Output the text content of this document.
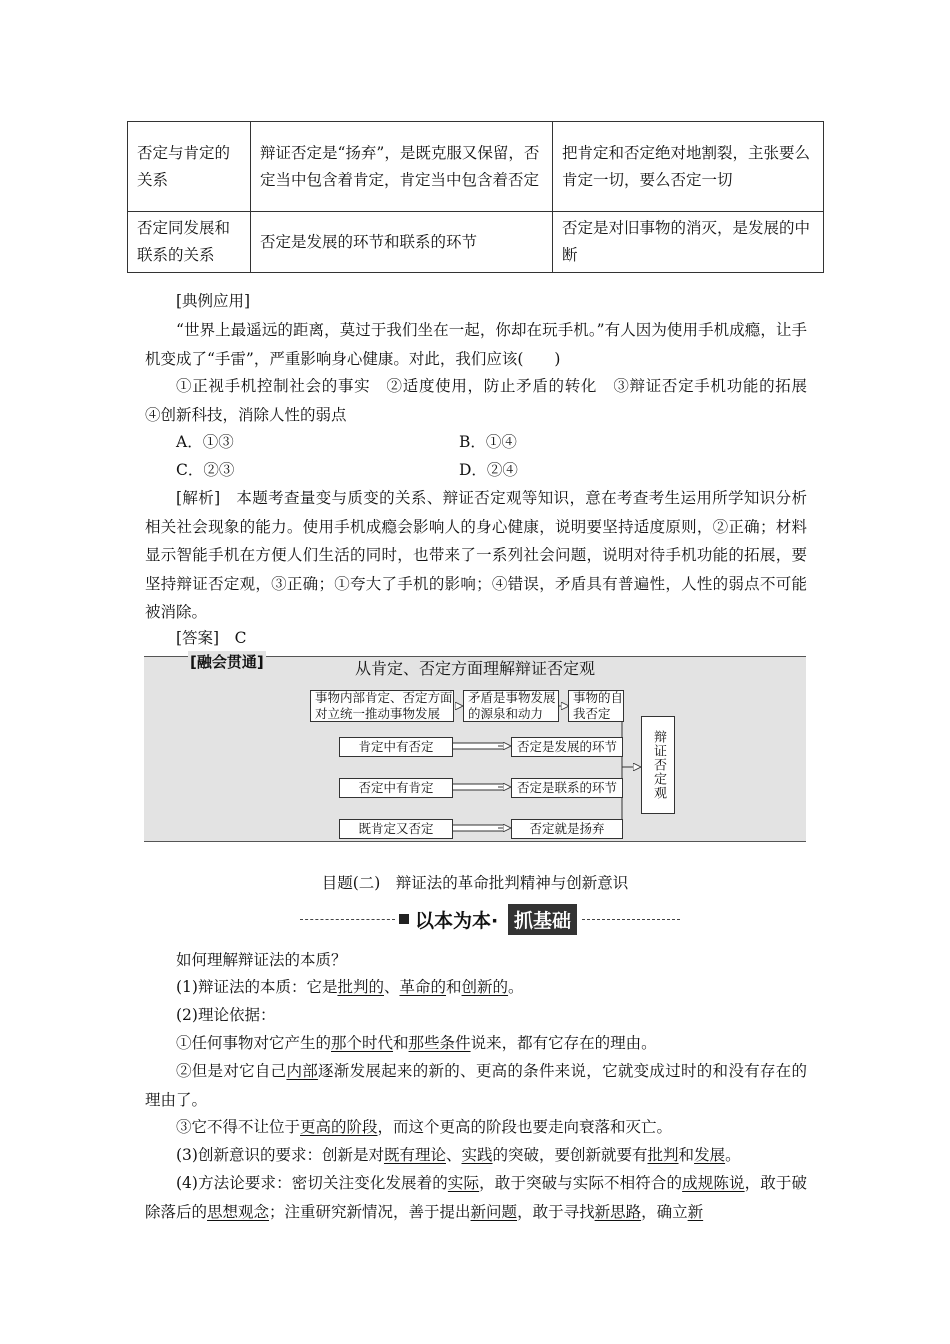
否定与肯定的关系	辩证否定是“扬弃”，是既克服又保留，否定当中包含着肯定，肯定当中包含着否定	把肯定和否定绝对地割裂，主张要么肯定一切，要么否定一切
否定同发展和联系的关系	否定是发展的环节和联系的环节	否定是对旧事物的消灭，是发展的中断
[典例应用]
“世界上最遥远的距离，莫过于我们坐在一起，你却在玩手机。”有人因为使用手机成瘾，让手机变成了“手雷”，严重影响身心健康。对此，我们应该(　　)
①正视手机控制社会的事实　②适度使用，防止矛盾的转化　③辩证否定手机功能的拓展　④创新科技，消除人性的弱点
A．①③	B．①④
C．②③	D．②④
[解析]　本题考查量变与质变的关系、辩证否定观等知识，意在考查考生运用所学知识分析相关社会现象的能力。使用手机成瘾会影响人的身心健康，说明要坚持适度原则，②正确；材料显示智能手机在方便人们生活的同时，也带来了一系列社会问题，说明对待手机功能的拓展，要坚持辩证否定观，③正确；①夸大了手机的影响；④错误，矛盾具有普遍性，人性的弱点不可能被消除。
[答案]　C
[融会贯通]	从肯定、否定方面理解辩证否定观
事物内部肯定、否定方面对立统一推动事物发展
矛盾是事物发展的源泉和动力
事物的自我否定
肯定中有否定	否定是发展的环节
否定中有肯定	否定是联系的环节
既肯定又否定	否定就是扬弃
辩证否定观
目题(二)　辩证法的革命批判精神与创新意识
以本为本· 抓基础
如何理解辩证法的本质？
(1)辩证法的本质：它是批判的、革命的和创新的。
(2)理论依据：
①任何事物对它产生的那个时代和那些条件说来，都有它存在的理由。
②但是对它自己内部逐渐发展起来的新的、更高的条件来说，它就变成过时的和没有存在的理由了。
③它不得不让位于更高的阶段，而这个更高的阶段也要走向衰落和灭亡。
(3)创新意识的要求：创新是对既有理论、实践的突破，要创新就要有批判和发展。
(4)方法论要求：密切关注变化发展着的实际，敢于突破与实际不相符合的成规陈说，敢于破除落后的思想观念；注重研究新情况，善于提出新问题，敢于寻找新思路，确立新
